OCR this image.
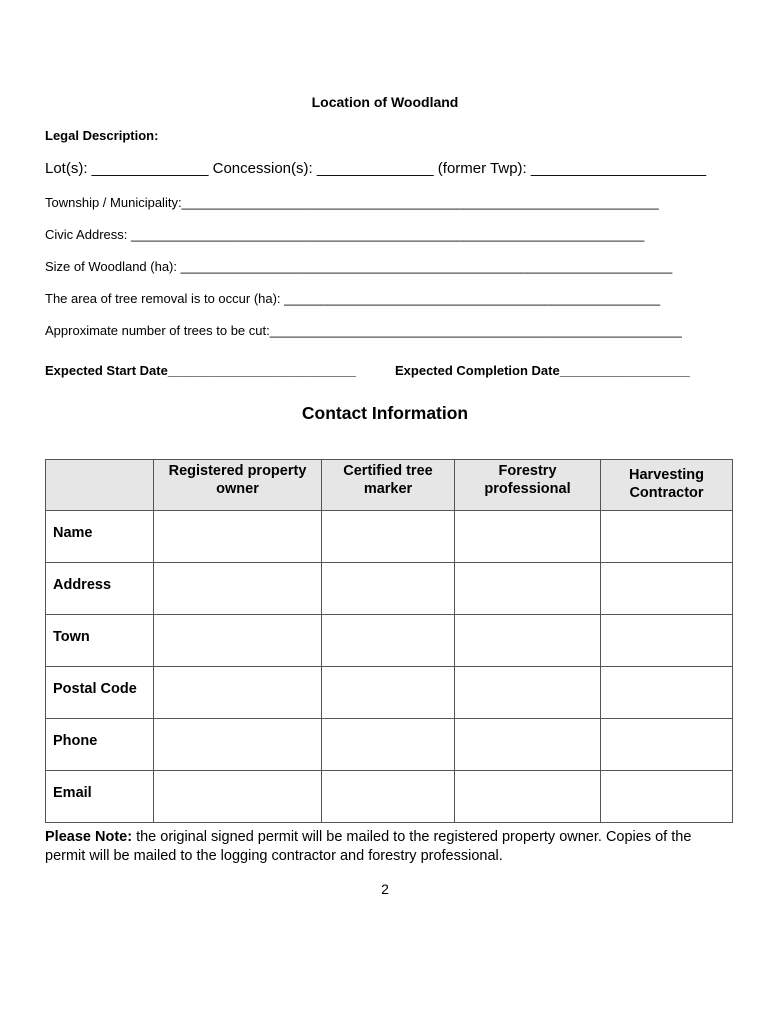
Location of Woodland
Legal Description:
Lot(s): ______________ Concession(s): ______________ (former Twp): _____________________
Township / Municipality:__________________________________________________________________
Civic Address: _______________________________________________________________________
Size of Woodland (ha): ____________________________________________________________________
The area of tree removal is to occur (ha): ____________________________________________________
Approximate number of trees to be cut:_________________________________________________________
Expected Start Date__________________________	Expected Completion Date__________________
Contact Information
	Registered property owner	Certified tree marker	Forestry professional	Harvesting Contractor
Name				
Address				
Town				
Postal Code				
Phone				
Email				
Please Note: the original signed permit will be mailed to the registered property owner. Copies of the permit will be mailed to the logging contractor and forestry professional.
2
